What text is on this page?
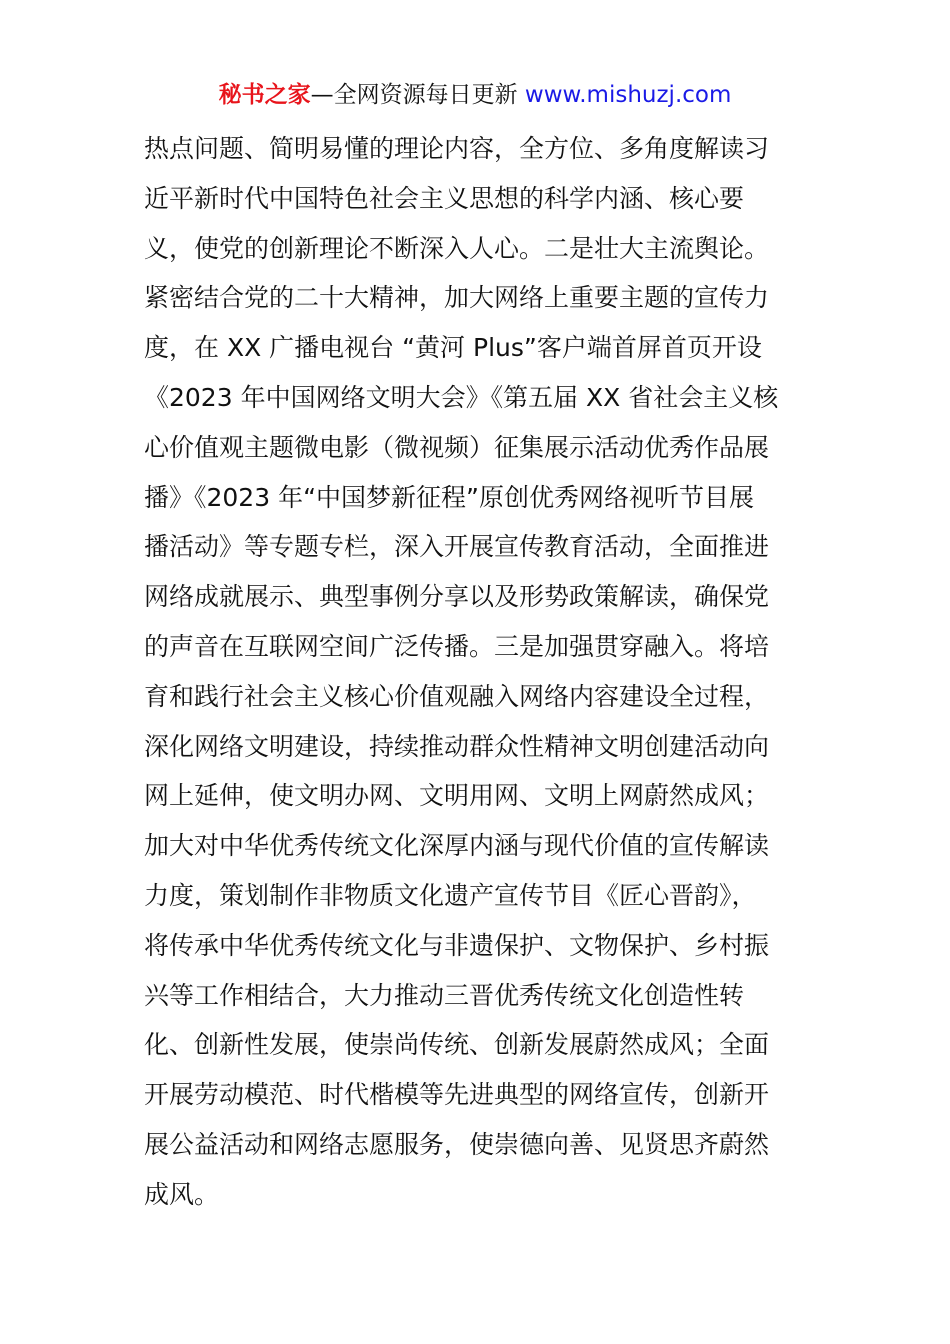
秘书之家—全网资源每日更新 www.mishuzj.com
热点问题、简明易懂的理论内容，全方位、多角度解读习
近平新时代中国特色社会主义思想的科学内涵、核心要
义，使党的创新理论不断深入人心。二是壮大主流舆论。
紧密结合党的二十大精神，加大网络上重要主题的宣传力
度，在 XX 广播电视台 “黄河 Plus”客户端首屏首页开设
《2023 年中国网络文明大会》《第五届 XX 省社会主义核
心价值观主题微电影（微视频）征集展示活动优秀作品展
播》《2023 年“中国梦新征程”原创优秀网络视听节目展
播活动》等专题专栏，深入开展宣传教育活动，全面推进
网络成就展示、典型事例分享以及形势政策解读，确保党
的声音在互联网空间广泛传播。三是加强贯穿融入。将培
育和践行社会主义核心价值观融入网络内容建设全过程，
深化网络文明建设，持续推动群众性精神文明创建活动向
网上延伸，使文明办网、文明用网、文明上网蔚然成风；
加大对中华优秀传统文化深厚内涵与现代价值的宣传解读
力度，策划制作非物质文化遗产宣传节目《匠心晋韵》，
将传承中华优秀传统文化与非遗保护、文物保护、乡村振
兴等工作相结合，大力推动三晋优秀传统文化创造性转
化、创新性发展，使崇尚传统、创新发展蔚然成风；全面
开展劳动模范、时代楷模等先进典型的网络宣传，创新开
展公益活动和网络志愿服务，使崇德向善、见贤思齐蔚然
成风。
